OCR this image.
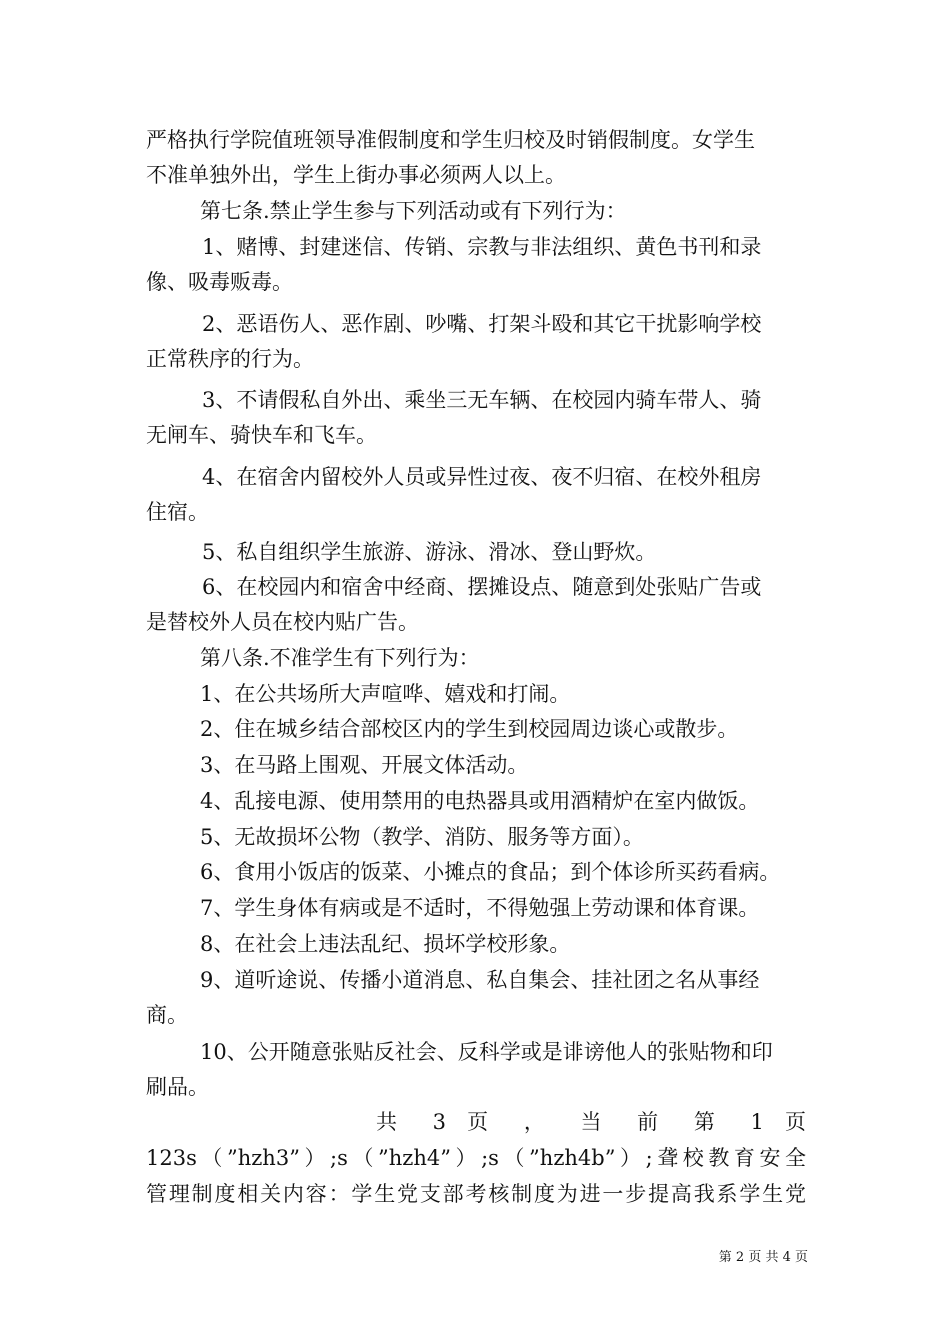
严格执行学院值班领导准假制度和学生归校及时销假制度。女学生
不准单独外出，学生上街办事必须两人以上。
第七条.禁止学生参与下列活动或有下列行为：
1、赌博、封建迷信、传销、宗教与非法组织、黄色书刊和录
像、吸毒贩毒。
2、恶语伤人、恶作剧、吵嘴、打架斗殴和其它干扰影响学校
正常秩序的行为。
3、不请假私自外出、乘坐三无车辆、在校园内骑车带人、骑
无闸车、骑快车和飞车。
4、在宿舍内留校外人员或异性过夜、夜不归宿、在校外租房
住宿。
5、私自组织学生旅游、游泳、滑冰、登山野炊。
6、在校园内和宿舍中经商、摆摊设点、随意到处张贴广告或
是替校外人员在校内贴广告。
第八条.不准学生有下列行为：
1、在公共场所大声喧哗、嬉戏和打闹。
2、住在城乡结合部校区内的学生到校园周边谈心或散步。
3、在马路上围观、开展文体活动。
4、乱接电源、使用禁用的电热器具或用酒精炉在室内做饭。
5、无故损坏公物（教学、消防、服务等方面）。
6、食用小饭店的饭菜、小摊点的食品；到个体诊所买药看病。
7、学生身体有病或是不适时，不得勉强上劳动课和体育课。
8、在社会上违法乱纪、损坏学校形象。
9、道听途说、传播小道消息、私自集会、挂社团之名从事经
商。
10、公开随意张贴反社会、反科学或是诽谤他人的张贴物和印
刷品。
共 3 页 ， 当 前 第 1 页
123s（”hzh3”）;s（”hzh4”）;s（”hzh4b”）;聋校教育安全
管理制度相关内容：学生党支部考核制度为进一步提高我系学生党
第 2 页 共 4 页
